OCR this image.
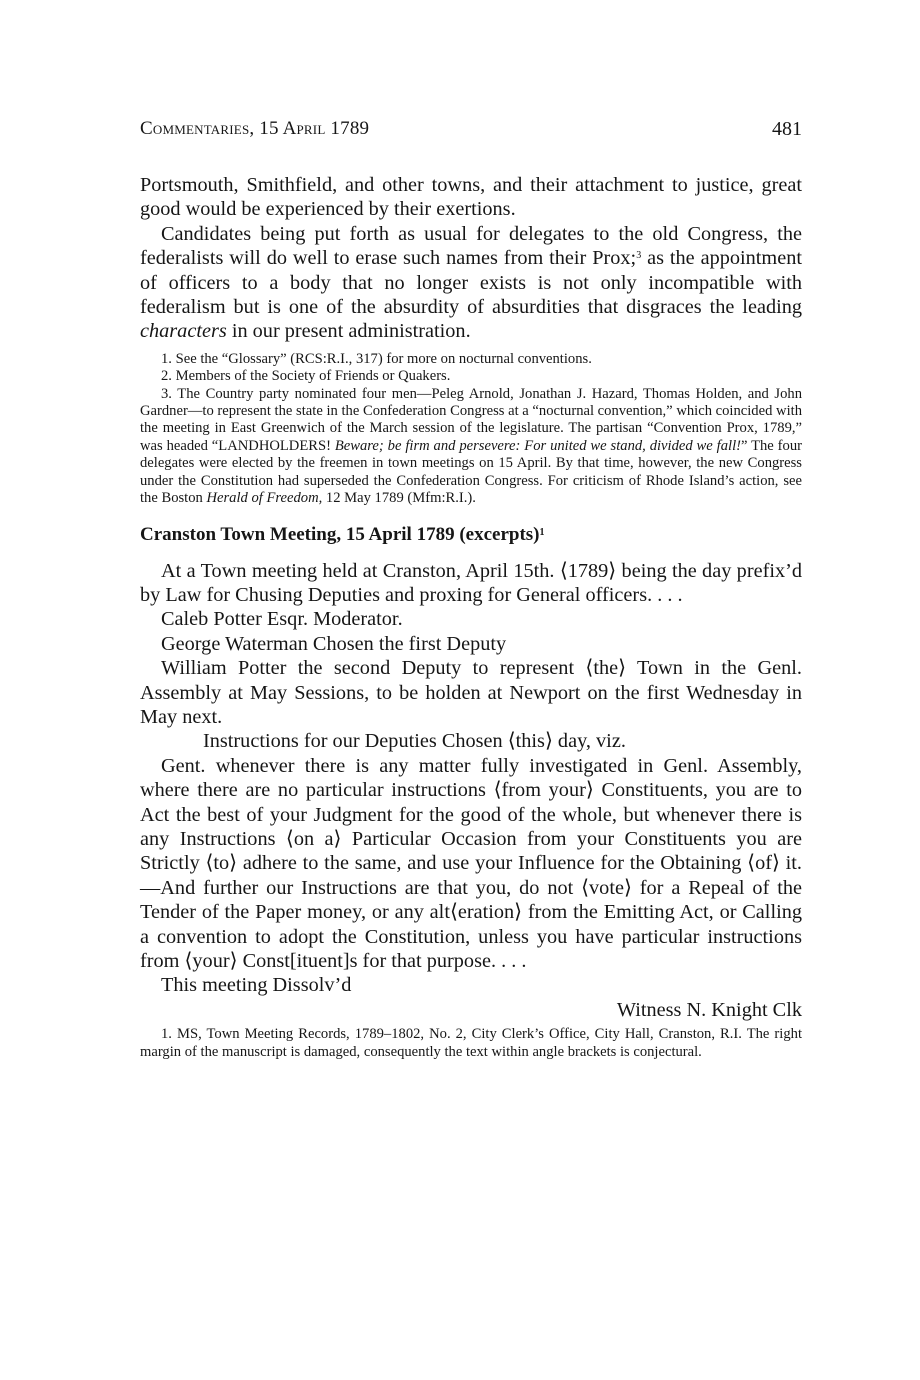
Commentaries, 15 April 1789	481

Portsmouth, Smithfield, and other towns, and their attachment to justice, great good would be experienced by their exertions.

Candidates being put forth as usual for delegates to the old Congress, the federalists will do well to erase such names from their Prox;$^3$ as the appointment of officers to a body that no longer exists is not only incompatible with federalism but is one of the absurdity of absurdities that disgraces the leading characters in our present administration.

1. See the “Glossary” (RCS:R.I., 317) for more on nocturnal conventions.

2. Members of the Society of Friends or Quakers.

3. The Country party nominated four men—Peleg Arnold, Jonathan J. Hazard, Thomas Holden, and John Gardner—to represent the state in the Confederation Congress at a “nocturnal convention,” which coincided with the meeting in East Greenwich of the March session of the legislature. The partisan “Convention Prox, 1789,” was headed “LANDHOLDERS! Beware; be firm and persevere: For united we stand, divided we fall!” The four delegates were elected by the freemen in town meetings on 15 April. By that time, however, the new Congress under the Constitution had superseded the Confederation Congress. For criticism of Rhode Island’s action, see the Boston Herald of Freedom, 12 May 1789 (Mfm:R.I.).

Cranston Town Meeting, 15 April 1789 (excerpts)$^1$

At a Town meeting held at Cranston, April 15th. ⟨1789⟩ being the day prefix’d by Law for Chusing Deputies and proxing for General officers. . . .

Caleb Potter Esqr. Moderator.

George Waterman Chosen the first Deputy

William Potter the second Deputy to represent ⟨the⟩ Town in the Genl. Assembly at May Sessions, to be holden at Newport on the first Wednesday in May next.

Instructions for our Deputies Chosen ⟨this⟩ day, viz.

Gent. whenever there is any matter fully investigated in Genl. Assembly, where there are no particular instructions ⟨from your⟩ Constituents, you are to Act the best of your Judgment for the good of the whole, but whenever there is any Instructions ⟨on a⟩ Particular Occasion from your Constituents you are Strictly ⟨to⟩ adhere to the same, and use your Influence for the Obtaining ⟨of⟩ it.—And further our Instructions are that you, do not ⟨vote⟩ for a Repeal of the Tender of the Paper money, or any alt⟨eration⟩ from the Emitting Act, or Calling a convention to adopt the Constitution, unless you have particular instructions from ⟨your⟩ Const[ituent]s for that purpose. . . .

This meeting Dissolv’d

Witness N. Knight Clk

1. MS, Town Meeting Records, 1789–1802, No. 2, City Clerk’s Office, City Hall, Cranston, R.I. The right margin of the manuscript is damaged, consequently the text within angle brackets is conjectural.
